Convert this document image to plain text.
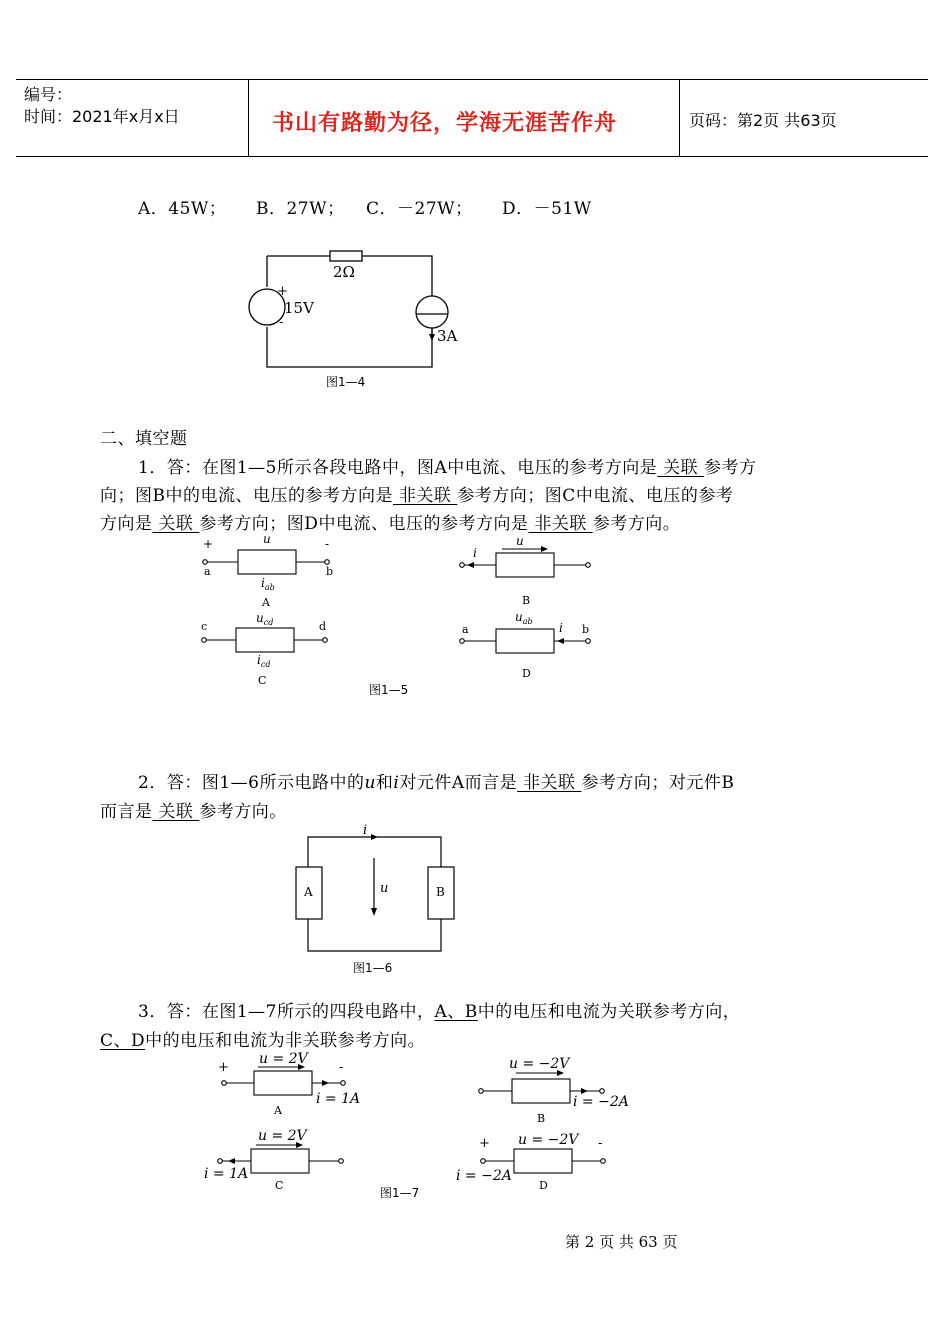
编号：
时间：2021年x月x日	书山有路勤为径，学海无涯苦作舟	页码：第2页 共63页
A．45W； B．27W； C．－27W； D．－51W
2Ω
+
15V
-
3A
图1—4
二、填空题
1．答：在图1—5所示各段电路中，图A中电流、电压的参考方向是 关联 参考方
向；图B中的电流、电压的参考方向是 非关联 参考方向；图C中电流、电压的参考
方向是 关联 参考方向；图D中电流、电压的参考方向是 非关联 参考方向。
+	-
u
a	b
$i_{ab}$
A
i
u
B
c	d
$u_{cd}$
$i_{cd}$
C
a	b
$u_{ab}$ i
D
图1—5
2．答：图1—6所示电路中的u和i对元件A而言是 非关联 参考方向；对元件B
而言是 关联 参考方向。
i
u
A	B
图1—6
3．答：在图1—7所示的四段电路中，A、B中的电压和电流为关联参考方向，
C、D中的电压和电流为非关联参考方向。
+	-
u = 2V
i = 1A
A
u = −2V
i = −2A
B
u = 2V
i = 1A
C
+	-
u = −2V
i = −2A
D
图1—7
第 2 页 共 63 页
